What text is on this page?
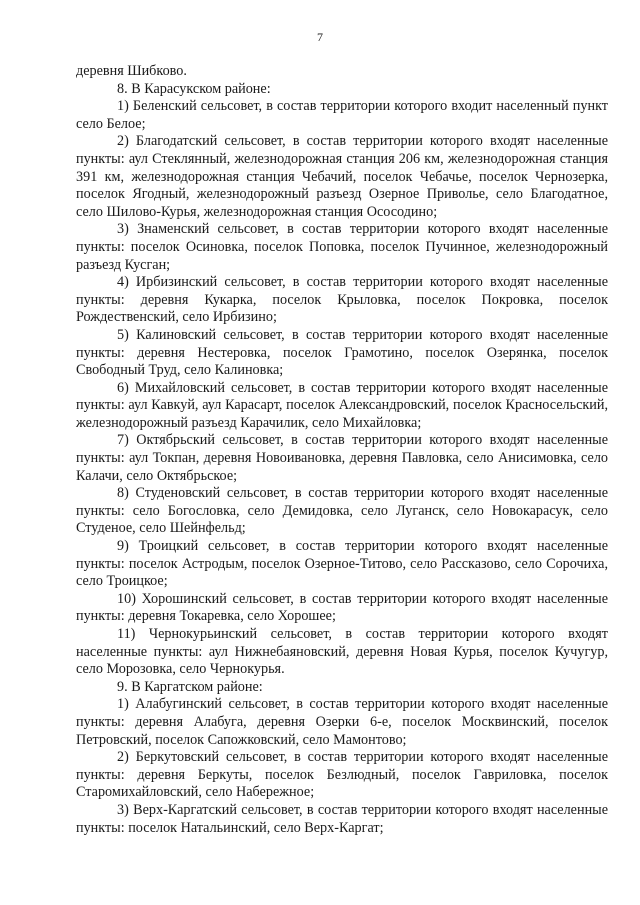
7

деревня Шибково.

8. В Карасукском районе:

1) Беленский сельсовет, в состав территории которого входит населенный пункт село Белое;

2) Благодатский сельсовет, в состав территории которого входят населенные пункты: аул Стеклянный, железнодорожная станция 206 км, железнодорожная станция 391 км, железнодорожная станция Чебачий, поселок Чебачье, поселок Чернозерка, поселок Ягодный, железнодорожный разъезд Озерное Приволье, село Благодатное, село Шилово-Курья, железнодорожная станция Ососодино;

3) Знаменский сельсовет, в состав территории которого входят населенные пункты: поселок Осиновка, поселок Поповка, поселок Пучинное, железнодорожный разъезд Кусган;

4) Ирбизинский сельсовет, в состав территории которого входят населенные пункты: деревня Кукарка, поселок Крыловка, поселок Покровка, поселок Рождественский, село Ирбизино;

5) Калиновский сельсовет, в состав территории которого входят населенные пункты: деревня Нестеровка, поселок Грамотино, поселок Озерянка, поселок Свободный Труд, село Калиновка;

6) Михайловский сельсовет, в состав территории которого входят населенные пункты: аул Кавкуй, аул Карасарт, поселок Александровский, поселок Красносельский, железнодорожный разъезд Карачилик, село Михайловка;

7) Октябрьский сельсовет, в состав территории которого входят населенные пункты: аул Токпан, деревня Новоивановка, деревня Павловка, село Анисимовка, село Калачи, село Октябрьское;

8) Студеновский сельсовет, в состав территории которого входят населенные пункты: село Богословка, село Демидовка, село Луганск, село Новокарасук, село Студеное, село Шейнфельд;

9) Троицкий сельсовет, в состав территории которого входят населенные пункты: поселок Астродым, поселок Озерное-Титово, село Рассказово, село Сорочиха, село Троицкое;

10) Хорошинский сельсовет, в состав территории которого входят населенные пункты: деревня Токаревка, село Хорошее;

11) Чернокурьинский сельсовет, в состав территории которого входят населенные пункты: аул Нижнебаяновский, деревня Новая Курья, поселок Кучугур, село Морозовка, село Чернокурья.

9. В Каргатском районе:

1) Алабугинский сельсовет, в состав территории которого входят населенные пункты: деревня Алабуга, деревня Озерки 6-е, поселок Москвинский, поселок Петровский, поселок Сапожковский, село Мамонтово;

2) Беркутовский сельсовет, в состав территории которого входят населенные пункты: деревня Беркуты, поселок Безлюдный, поселок Гавриловка, поселок Старомихайловский, село Набережное;

3) Верх-Каргатский сельсовет, в состав территории которого входят населенные пункты: поселок Натальинский, село Верх-Каргат;
